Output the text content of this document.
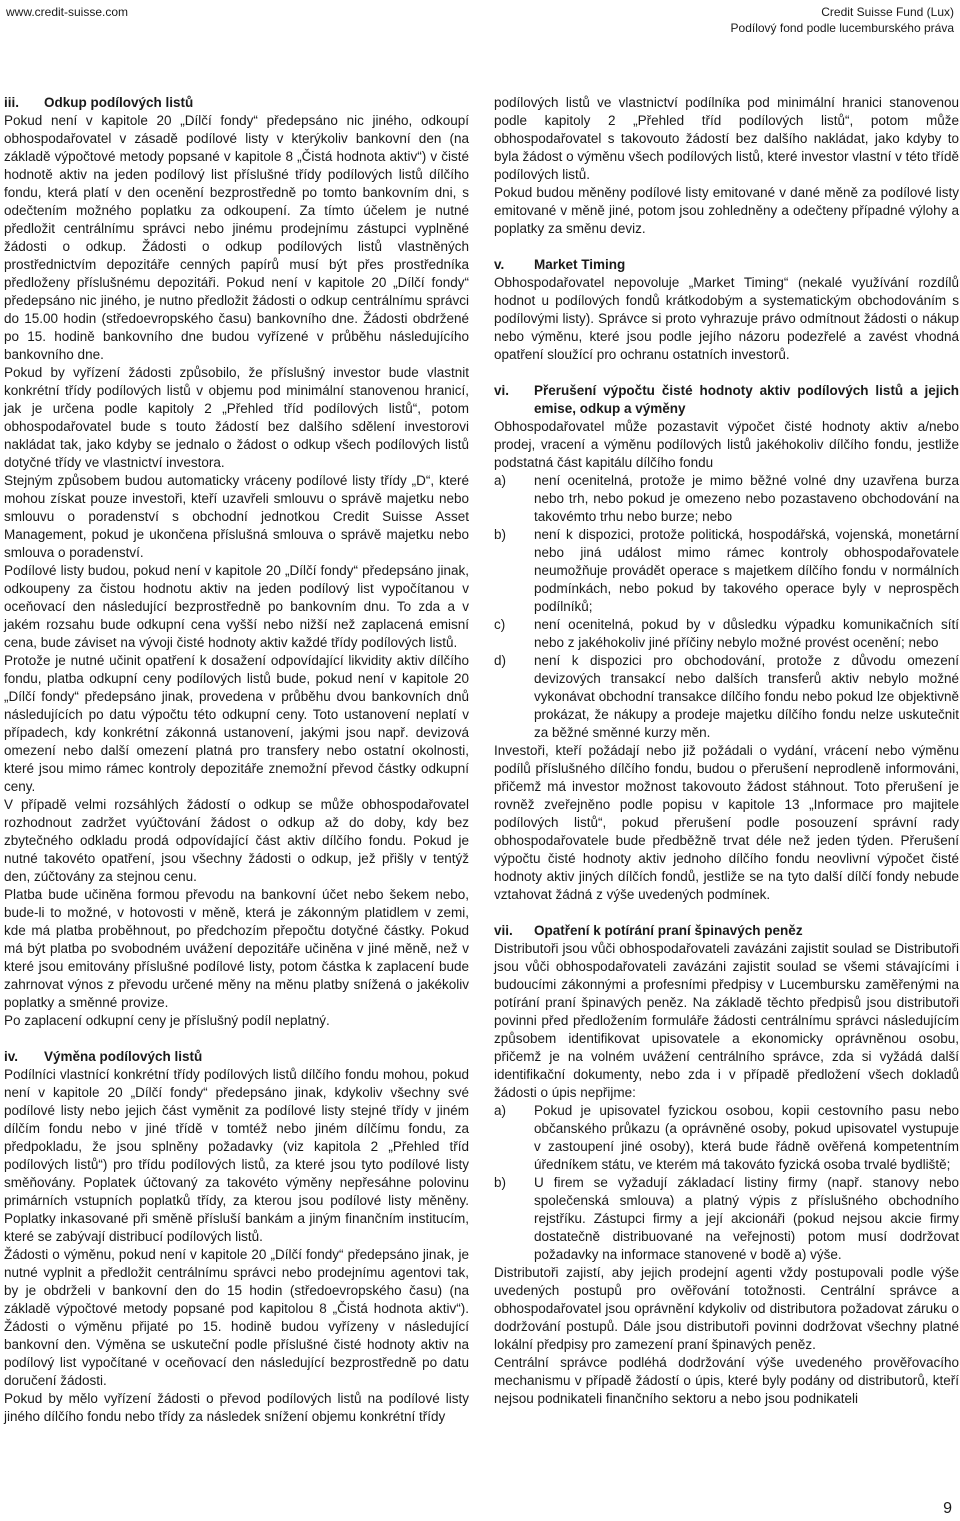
www.credit-suisse.com	Credit Suisse Fund (Lux)
Podílový fond podle lucemburského práva

iii. Odkup podílových listů

Pokud není v kapitole 20 „Dílčí fondy“ předepsáno nic jiného, odkoupí obhospodařovatel v zásadě podílové listy v kterýkoliv bankovní den (na základě výpočtové metody popsané v kapitole 8 „Čistá hodnota aktiv“) v čisté hodnotě aktiv na jeden podílový list příslušné třídy podílových listů dílčího fondu, která platí v den ocenění bezprostředně po tomto bankovním dni, s odečtením možného poplatku za odkoupení. Za tímto účelem je nutné předložit centrálnímu správci nebo jinému prodejnímu zástupci vyplněné žádosti o odkup. Žádosti o odkup podílových listů vlastněných prostřednictvím depozitáře cenných papírů musí být přes prostředníka předloženy příslušnému depozitáři. Pokud není v kapitole 20 „Dílčí fondy“ předepsáno nic jiného, je nutno předložit žádosti o odkup centrálnímu správci do 15.00 hodin (středoevropského času) bankovního dne. Žádosti obdržené po 15. hodině bankovního dne budou vyřízené v průběhu následujícího bankovního dne.

Pokud by vyřízení žádosti způsobilo, že příslušný investor bude vlastnit konkrétní třídy podílových listů v objemu pod minimální stanovenou hranicí, jak je určena podle kapitoly 2 „Přehled tříd podílových listů“, potom obhospodařovatel bude s touto žádostí bez dalšího sdělení investorovi nakládat tak, jako kdyby se jednalo o žádost o odkup všech podílových listů dotyčné třídy ve vlastnictví investora.

Stejným způsobem budou automaticky vráceny podílové listy třídy „D“, které mohou získat pouze investoři, kteří uzavřeli smlouvu o správě majetku nebo smlouvu o poradenství s obchodní jednotkou Credit Suisse Asset Management, pokud je ukončena příslušná smlouva o správě majetku nebo smlouva o poradenství.

Podílové listy budou, pokud není v kapitole 20 „Dílčí fondy“ předepsáno jinak, odkoupeny za čistou hodnotu aktiv na jeden podílový list vypočítanou v oceňovací den následující bezprostředně po bankovním dnu. To zda a v jakém rozsahu bude odkupní cena vyšší nebo nižší než zaplacená emisní cena, bude záviset na vývoji čisté hodnoty aktiv každé třídy podílových listů.

Protože je nutné učinit opatření k dosažení odpovídající likvidity aktiv dílčího fondu, platba odkupní ceny podílových listů bude, pokud není v kapitole 20 „Dílčí fondy“ předepsáno jinak, provedena v průběhu dvou bankovních dnů následujících po datu výpočtu této odkupní ceny. Toto ustanovení neplatí v případech, kdy konkrétní zákonná ustanovení, jakými jsou např. devizová omezení nebo další omezení platná pro transfery nebo ostatní okolnosti, které jsou mimo rámec kontroly depozitáře znemožní převod částky odkupní ceny.

V případě velmi rozsáhlých žádostí o odkup se může obhospodařovatel rozhodnout zadržet vyúčtování žádost o odkup až do doby, kdy bez zbytečného odkladu prodá odpovídající část aktiv dílčího fondu. Pokud je nutné takovéto opatření, jsou všechny žádosti o odkup, jež přišly v tentýž den, zúčtovány za stejnou cenu.

Platba bude učiněna formou převodu na bankovní účet nebo šekem nebo, bude-li to možné, v hotovosti v měně, která je zákonným platidlem v zemi, kde má platba proběhnout, po předchozím přepočtu dotyčné částky. Pokud má být platba po svobodném uvážení depozitáře učiněna v jiné měně, než v které jsou emitovány příslušné podílové listy, potom částka k zaplacení bude zahrnovat výnos z převodu určené měny na měnu platby snížená o jakékoliv poplatky a směnné provize.

Po zaplacení odkupní ceny je příslušný podíl neplatný.

iv. Výměna podílových listů

Podílníci vlastnící konkrétní třídy podílových listů dílčího fondu mohou, pokud není v kapitole 20 „Dílčí fondy“ předepsáno jinak, kdykoliv všechny své podílové listy nebo jejich část vyměnit za podílové listy stejné třídy v jiném dílčím fondu nebo v jiné třídě v tomtéž nebo jiném dílčímu fondu, za předpokladu, že jsou splněny požadavky (viz kapitola 2 „Přehled tříd podílových listů“) pro třídu podílových listů, za které jsou tyto podílové listy směňovány. Poplatek účtovaný za takovéto výměny nepřesáhne polovinu primárních vstupních poplatků třídy, za kterou jsou podílové listy měněny. Poplatky inkasované při směně přísluší bankám a jiným finančním institucím, které se zabývají distribucí podílových listů.

Žádosti o výměnu, pokud není v kapitole 20 „Dílčí fondy“ předepsáno jinak, je nutné vyplnit a předložit centrálnímu správci nebo prodejnímu agentovi tak, by je obdrželi v bankovní den do 15 hodin (středoevropského času) (na základě výpočtové metody popsané pod kapitolou 8 „Čistá hodnota aktiv“). Žádosti o výměnu přijaté po 15. hodině budou vyřízeny v následující bankovní den. Výměna se uskuteční podle příslušné čisté hodnoty aktiv na podílový list vypočítané v oceňovací den následující bezprostředně po datu doručení žádosti.

Pokud by mělo vyřízení žádosti o převod podílových listů na podílové listy jiného dílčího fondu nebo třídy za následek snížení objemu konkrétní třídy

podílových listů ve vlastnictví podílníka pod minimální hranici stanovenou podle kapitoly 2 „Přehled tříd podílových listů“, potom může obhospodařovatel s takovouto žádostí bez dalšího nakládat, jako kdyby to byla žádost o výměnu všech podílových listů, které investor vlastní v této třídě podílových listů.

Pokud budou měněny podílové listy emitované v dané měně za podílové listy emitované v měně jiné, potom jsou zohledněny a odečteny případné výlohy a poplatky za směnu deviz.

v. Market Timing

Obhospodařovatel nepovoluje „Market Timing“ (nekalé využívání rozdílů hodnot u podílových fondů krátkodobým a systematickým obchodováním s podílovými listy). Správce si proto vyhrazuje právo odmítnout žádosti o nákup nebo výměnu, které jsou podle jejího názoru podezřelé a zavést vhodná opatření sloužící pro ochranu ostatních investorů.

vi.	Přerušení výpočtu čisté hodnoty aktiv podílových listů a jejich emise, odkup a výměny

Obhospodařovatel může pozastavit výpočet čisté hodnoty aktiv a/nebo prodej, vracení a výměnu podílových listů jakéhokoliv dílčího fondu, jestliže podstatná část kapitálu dílčího fondu

a)	není ocenitelná, protože je mimo běžné volné dny uzavřena burza nebo trh, nebo pokud je omezeno nebo pozastaveno obchodování na takovémto trhu nebo burze; nebo
b)	není k dispozici, protože politická, hospodářská, vojenská, monetární nebo jiná událost mimo rámec kontroly obhospodařovatele neumožňuje provádět operace s majetkem dílčího fondu v normálních podmínkách, nebo pokud by takového operace byly v neprospěch podílníků;
c)	není ocenitelná, pokud by v důsledku výpadku komunikačních sítí nebo z jakéhokoliv jiné příčiny nebylo možné provést ocenění; nebo
d)	není k dispozici pro obchodování, protože z důvodu omezení devizových transakcí nebo dalších transferů aktiv nebylo možné vykonávat obchodní transakce dílčího fondu nebo pokud lze objektivně prokázat, že nákupy a prodeje majetku dílčího fondu nelze uskutečnit za běžné směnné kurzy měn.

Investoři, kteří požádají nebo již požádali o vydání, vrácení nebo výměnu podílů příslušného dílčího fondu, budou o přerušení neprodleně informováni, přičemž má investor možnost takovouto žádost stáhnout. Toto přerušení je rovněž zveřejněno podle popisu v kapitole 13 „Informace pro majitele podílových listů“, pokud přerušení podle posouzení správní rady obhospodařovatele bude předběžně trvat déle než jeden týden. Přerušení výpočtu čisté hodnoty aktiv jednoho dílčího fondu neovlivní výpočet čisté hodnoty aktiv jiných dílčích fondů, jestliže se na tyto další dílčí fondy nebude vztahovat žádná z výše uvedených podmínek.

vii. Opatření k potírání praní špinavých peněz

Distributoři jsou vůči obhospodařovateli zavázáni zajistit soulad se Distributoři jsou vůči obhospodařovateli zavázáni zajistit soulad se všemi stávajícími i budoucími zákonnými a profesními předpisy v Lucembursku zaměřenými na potírání praní špinavých peněz. Na základě těchto předpisů jsou distributoři povinni před předložením formuláře žádosti centrálnímu správci následujícím způsobem identifikovat upisovatele a ekonomicky oprávněnou osobu, přičemž je na volném uvážení centrálního správce, zda si vyžádá další identifikační dokumenty, nebo zda i v případě předložení všech dokladů žádosti o úpis nepřijme:

a)	Pokud je upisovatel fyzickou osobou, kopii cestovního pasu nebo občanského průkazu (a oprávněné osoby, pokud upisovatel vystupuje v zastoupení jiné osoby), která bude řádně ověřená kompetentním úředníkem státu, ve kterém má takováto fyzická osoba trvalé bydliště;
b)	U firem se vyžadují základací listiny firmy (např. stanovy nebo společenská smlouva) a platný výpis z příslušného obchodního rejstříku. Zástupci firmy a její akcionáři (pokud nejsou akcie firmy dostatečně distribuované na veřejnosti) potom musí dodržovat požadavky na informace stanovené v bodě a) výše.

Distributoři zajistí, aby jejich prodejní agenti vždy postupovali podle výše uvedených postupů pro ověřování totožnosti. Centrální správce a obhospodařovatel jsou oprávnění kdykoliv od distributora požadovat záruku o dodržování postupů. Dále jsou distributoři povinni dodržovat všechny platné lokální předpisy pro zamezení praní špinavých peněz.

Centrální správce podléhá dodržování výše uvedeného prověřovacího mechanismu v případě žádostí o úpis, které byly podány od distributorů, kteří nejsou podnikateli finančního sektoru a nebo jsou podnikateli

9
